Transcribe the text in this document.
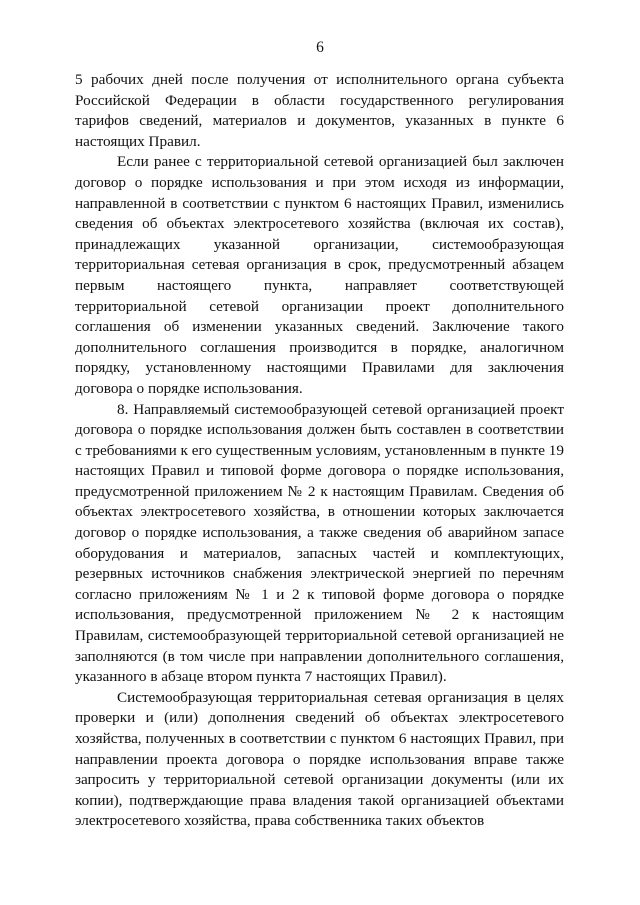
6

5 рабочих дней после получения от исполнительного органа субъекта Российской Федерации в области государственного регулирования тарифов сведений, материалов и документов, указанных в пункте 6 настоящих Правил.

Если ранее с территориальной сетевой организацией был заключен договор о порядке использования и при этом исходя из информации, направленной в соответствии с пунктом 6 настоящих Правил, изменились сведения об объектах электросетевого хозяйства (включая их состав), принадлежащих указанной организации, системообразующая территориальная сетевая организация в срок, предусмотренный абзацем первым настоящего пункта, направляет соответствующей территориальной сетевой организации проект дополнительного соглашения об изменении указанных сведений. Заключение такого дополнительного соглашения производится в порядке, аналогичном порядку, установленному настоящими Правилами для заключения договора о порядке использования.

8. Направляемый системообразующей сетевой организацией проект договора о порядке использования должен быть составлен в соответствии с требованиями к его существенным условиям, установленным в пункте 19 настоящих Правил и типовой форме договора о порядке использования, предусмотренной приложением № 2 к настоящим Правилам. Сведения об объектах электросетевого хозяйства, в отношении которых заключается договор о порядке использования, а также сведения об аварийном запасе оборудования и материалов, запасных частей и комплектующих, резервных источников снабжения электрической энергией по перечням согласно приложениям № 1 и 2 к типовой форме договора о порядке использования, предусмотренной приложением № 2 к настоящим Правилам, системообразующей территориальной сетевой организацией не заполняются (в том числе при направлении дополнительного соглашения, указанного в абзаце втором пункта 7 настоящих Правил).

Системообразующая территориальная сетевая организация в целях проверки и (или) дополнения сведений об объектах электросетевого хозяйства, полученных в соответствии с пунктом 6 настоящих Правил, при направлении проекта договора о порядке использования вправе также запросить у территориальной сетевой организации документы (или их копии), подтверждающие права владения такой организацией объектами электросетевого хозяйства, права собственника таких объектов
